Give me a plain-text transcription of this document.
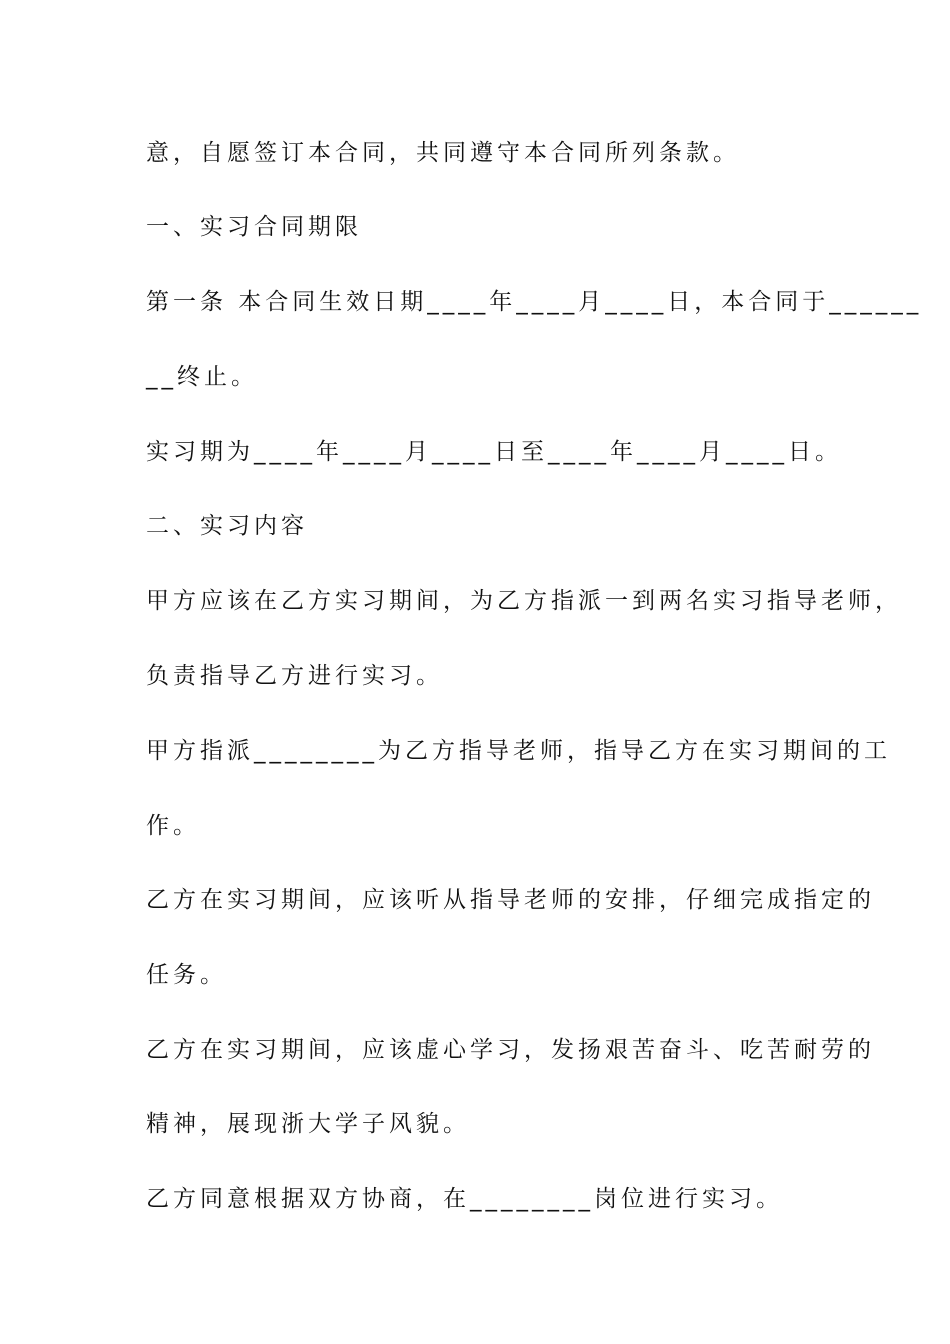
意，自愿签订本合同，共同遵守本合同所列条款。
一、实习合同期限
第一条 本合同生效日期____年____月____日，本合同于______
__终止。
实习期为____年____月____日至____年____月____日。
二、实习内容
甲方应该在乙方实习期间，为乙方指派一到两名实习指导老师，
负责指导乙方进行实习。
甲方指派________为乙方指导老师，指导乙方在实习期间的工
作。
乙方在实习期间，应该听从指导老师的安排，仔细完成指定的
任务。
乙方在实习期间，应该虚心学习，发扬艰苦奋斗、吃苦耐劳的
精神，展现浙大学子风貌。
乙方同意根据双方协商，在________岗位进行实习。
